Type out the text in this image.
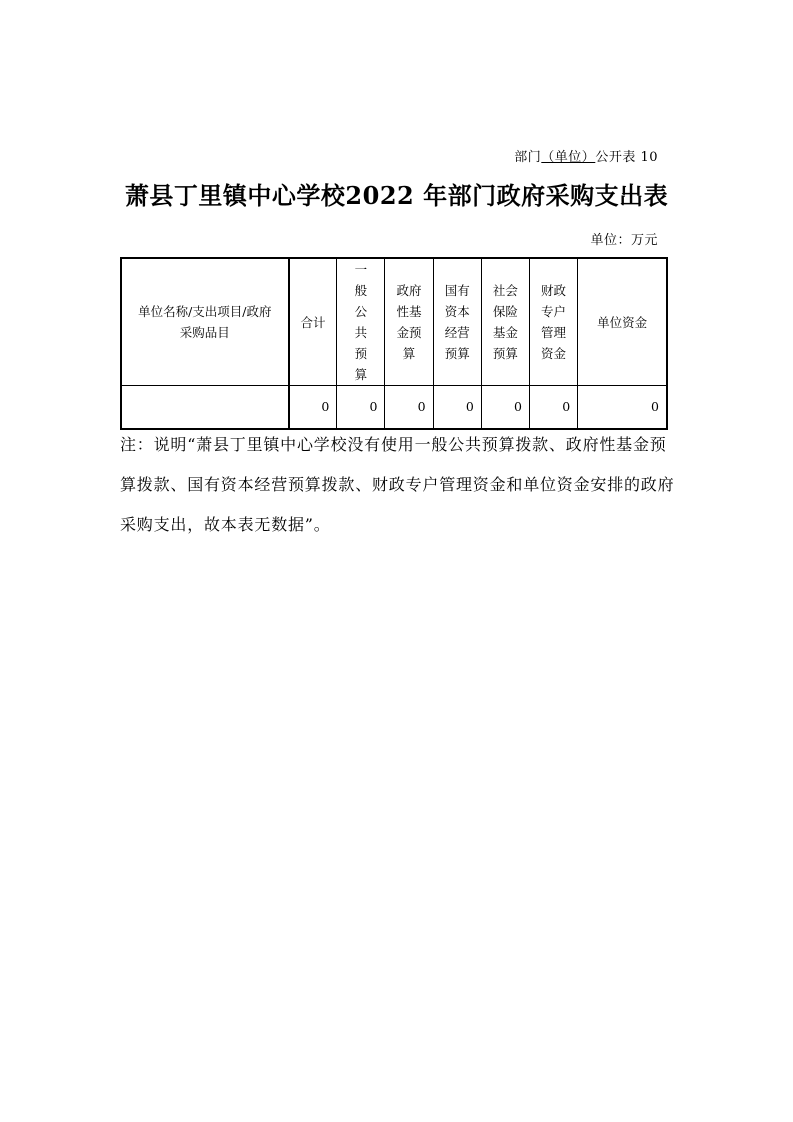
部门（单位）公开表 10
萧县丁里镇中心学校2022 年部门政府采购支出表
单位：万元
单位名称/支出项目/政府采购品目	合计	一般公共预算	政府性基金预算	国有资本经营预算	社会保险基金预算	财政专户管理资金	单位资金
	0	0	0	0	0	0	0
注：说明“萧县丁里镇中心学校没有使用一般公共预算拨款、政府性基金预算拨款、国有资本经营预算拨款、财政专户管理资金和单位资金安排的政府采购支出，故本表无数据”。
